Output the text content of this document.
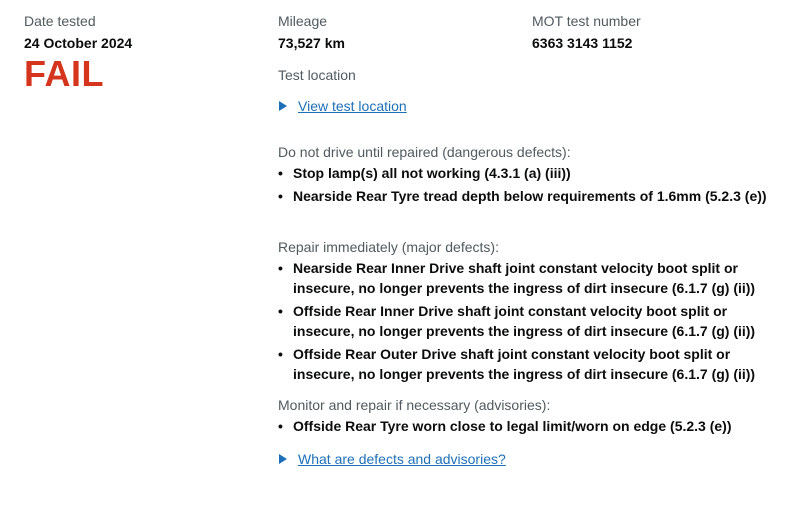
Date tested
24 October 2024
FAIL
Mileage
73,527 km
MOT test number
6363 3143 1152
Test location
View test location
Do not drive until repaired (dangerous defects):
• Stop lamp(s) all not working (4.3.1 (a) (iii))
• Nearside Rear Tyre tread depth below requirements of 1.6mm (5.2.3 (e))
Repair immediately (major defects):
• Nearside Rear Inner Drive shaft joint constant velocity boot split or insecure, no longer prevents the ingress of dirt insecure (6.1.7 (g) (ii))
• Offside Rear Inner Drive shaft joint constant velocity boot split or insecure, no longer prevents the ingress of dirt insecure (6.1.7 (g) (ii))
• Offside Rear Outer Drive shaft joint constant velocity boot split or insecure, no longer prevents the ingress of dirt insecure (6.1.7 (g) (ii))
Monitor and repair if necessary (advisories):
• Offside Rear Tyre worn close to legal limit/worn on edge (5.2.3 (e))
What are defects and advisories?
